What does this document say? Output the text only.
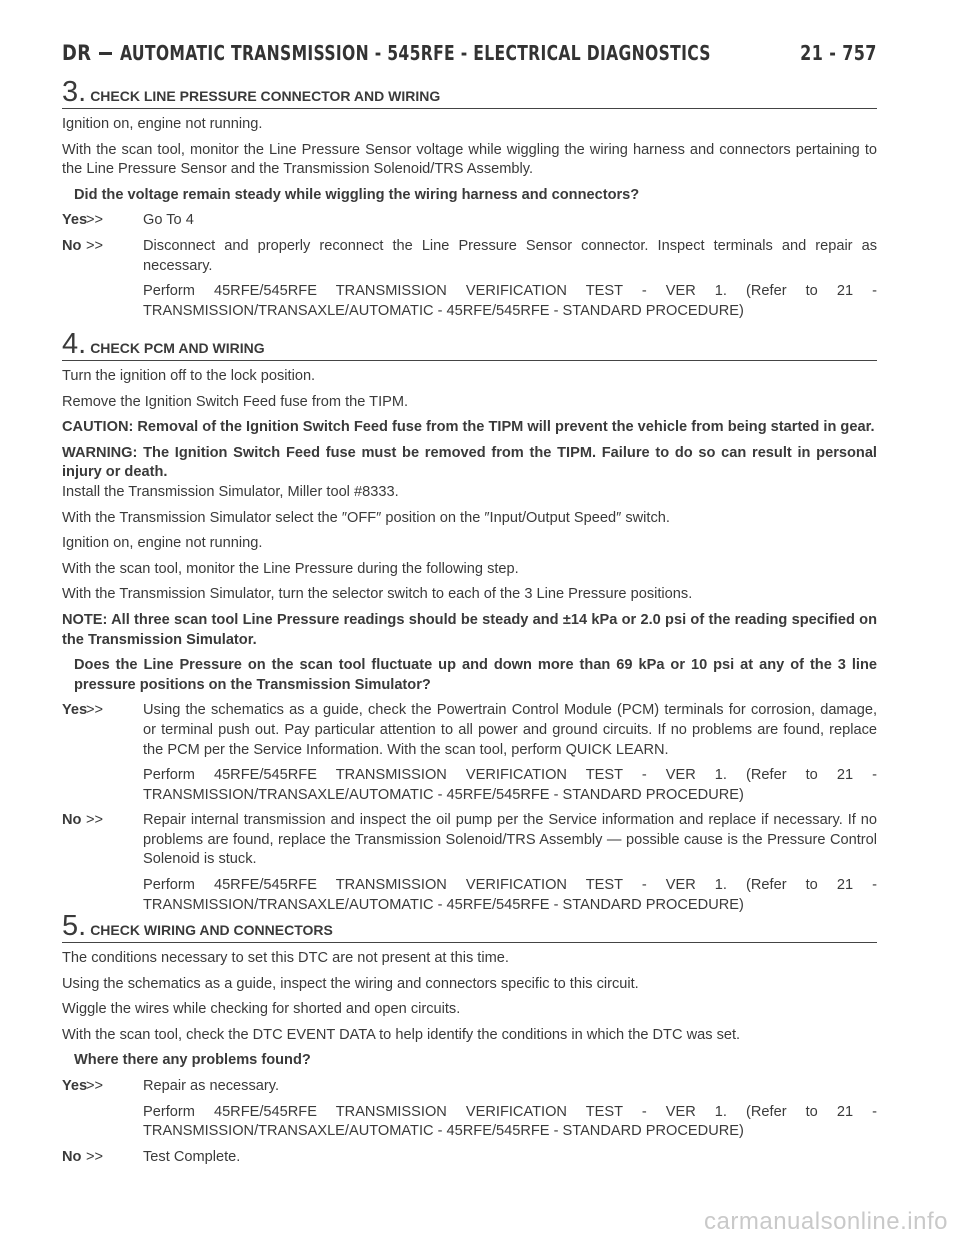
DR AUTOMATIC TRANSMISSION - 545RFE - ELECTRICAL DIAGNOSTICS	21 - 757
3. CHECK LINE PRESSURE CONNECTOR AND WIRING

Ignition on, engine not running.

With the scan tool, monitor the Line Pressure Sensor voltage while wiggling the wiring harness and connectors pertaining to the Line Pressure Sensor and the Transmission Solenoid/TRS Assembly.

Did the voltage remain steady while wiggling the wiring harness and connectors?

Yes
>>	Go To 4

No >>	Disconnect and properly reconnect the Line Pressure Sensor connector. Inspect terminals and repair as necessary.

Perform 45RFE/545RFE TRANSMISSION VERIFICATION TEST - VER 1. (Refer to 21 - TRANSMISSION/TRANSAXLE/AUTOMATIC - 45RFE/545RFE - STANDARD PROCEDURE)

4. CHECK PCM AND WIRING

Turn the ignition off to the lock position.

Remove the Ignition Switch Feed fuse from the TIPM.

CAUTION: Removal of the Ignition Switch Feed fuse from the TIPM will prevent the vehicle from being started in gear.

WARNING: The Ignition Switch Feed fuse must be removed from the TIPM. Failure to do so can result in personal injury or death.

Install the Transmission Simulator, Miller tool #8333.

With the Transmission Simulator select the ″OFF″ position on the ″Input/Output Speed″ switch.

Ignition on, engine not running.

With the scan tool, monitor the Line Pressure during the following step.

With the Transmission Simulator, turn the selector switch to each of the 3 Line Pressure positions.

NOTE: All three scan tool Line Pressure readings should be steady and ±14 kPa or 2.0 psi of the reading specified on the Transmission Simulator.

Does the Line Pressure on the scan tool fluctuate up and down more than 69 kPa or 10 psi at any of the 3 line pressure positions on the Transmission Simulator?

Yes
>>	Using the schematics as a guide, check the Powertrain Control Module (PCM) terminals for corrosion, damage, or terminal push out. Pay particular attention to all power and ground circuits. If no problems are found, replace the PCM per the Service Information. With the scan tool, perform QUICK LEARN.

Perform 45RFE/545RFE TRANSMISSION VERIFICATION TEST - VER 1. (Refer to 21 - TRANSMISSION/TRANSAXLE/AUTOMATIC - 45RFE/545RFE - STANDARD PROCEDURE)

No >>	Repair internal transmission and inspect the oil pump per the Service information and replace if necessary. If no problems are found, replace the Transmission Solenoid/TRS Assembly — possible cause is the Pressure Control Solenoid is stuck.

Perform 45RFE/545RFE TRANSMISSION VERIFICATION TEST - VER 1. (Refer to 21 - TRANSMISSION/TRANSAXLE/AUTOMATIC - 45RFE/545RFE - STANDARD PROCEDURE)

5. CHECK WIRING AND CONNECTORS

The conditions necessary to set this DTC are not present at this time.

Using the schematics as a guide, inspect the wiring and connectors specific to this circuit.

Wiggle the wires while checking for shorted and open circuits.

With the scan tool, check the DTC EVENT DATA to help identify the conditions in which the DTC was set.

Where there any problems found?

Yes
>>	Repair as necessary.

Perform 45RFE/545RFE TRANSMISSION VERIFICATION TEST - VER 1. (Refer to 21 - TRANSMISSION/TRANSAXLE/AUTOMATIC - 45RFE/545RFE - STANDARD PROCEDURE)

No >>	Test Complete.

carmanualsonline.info
